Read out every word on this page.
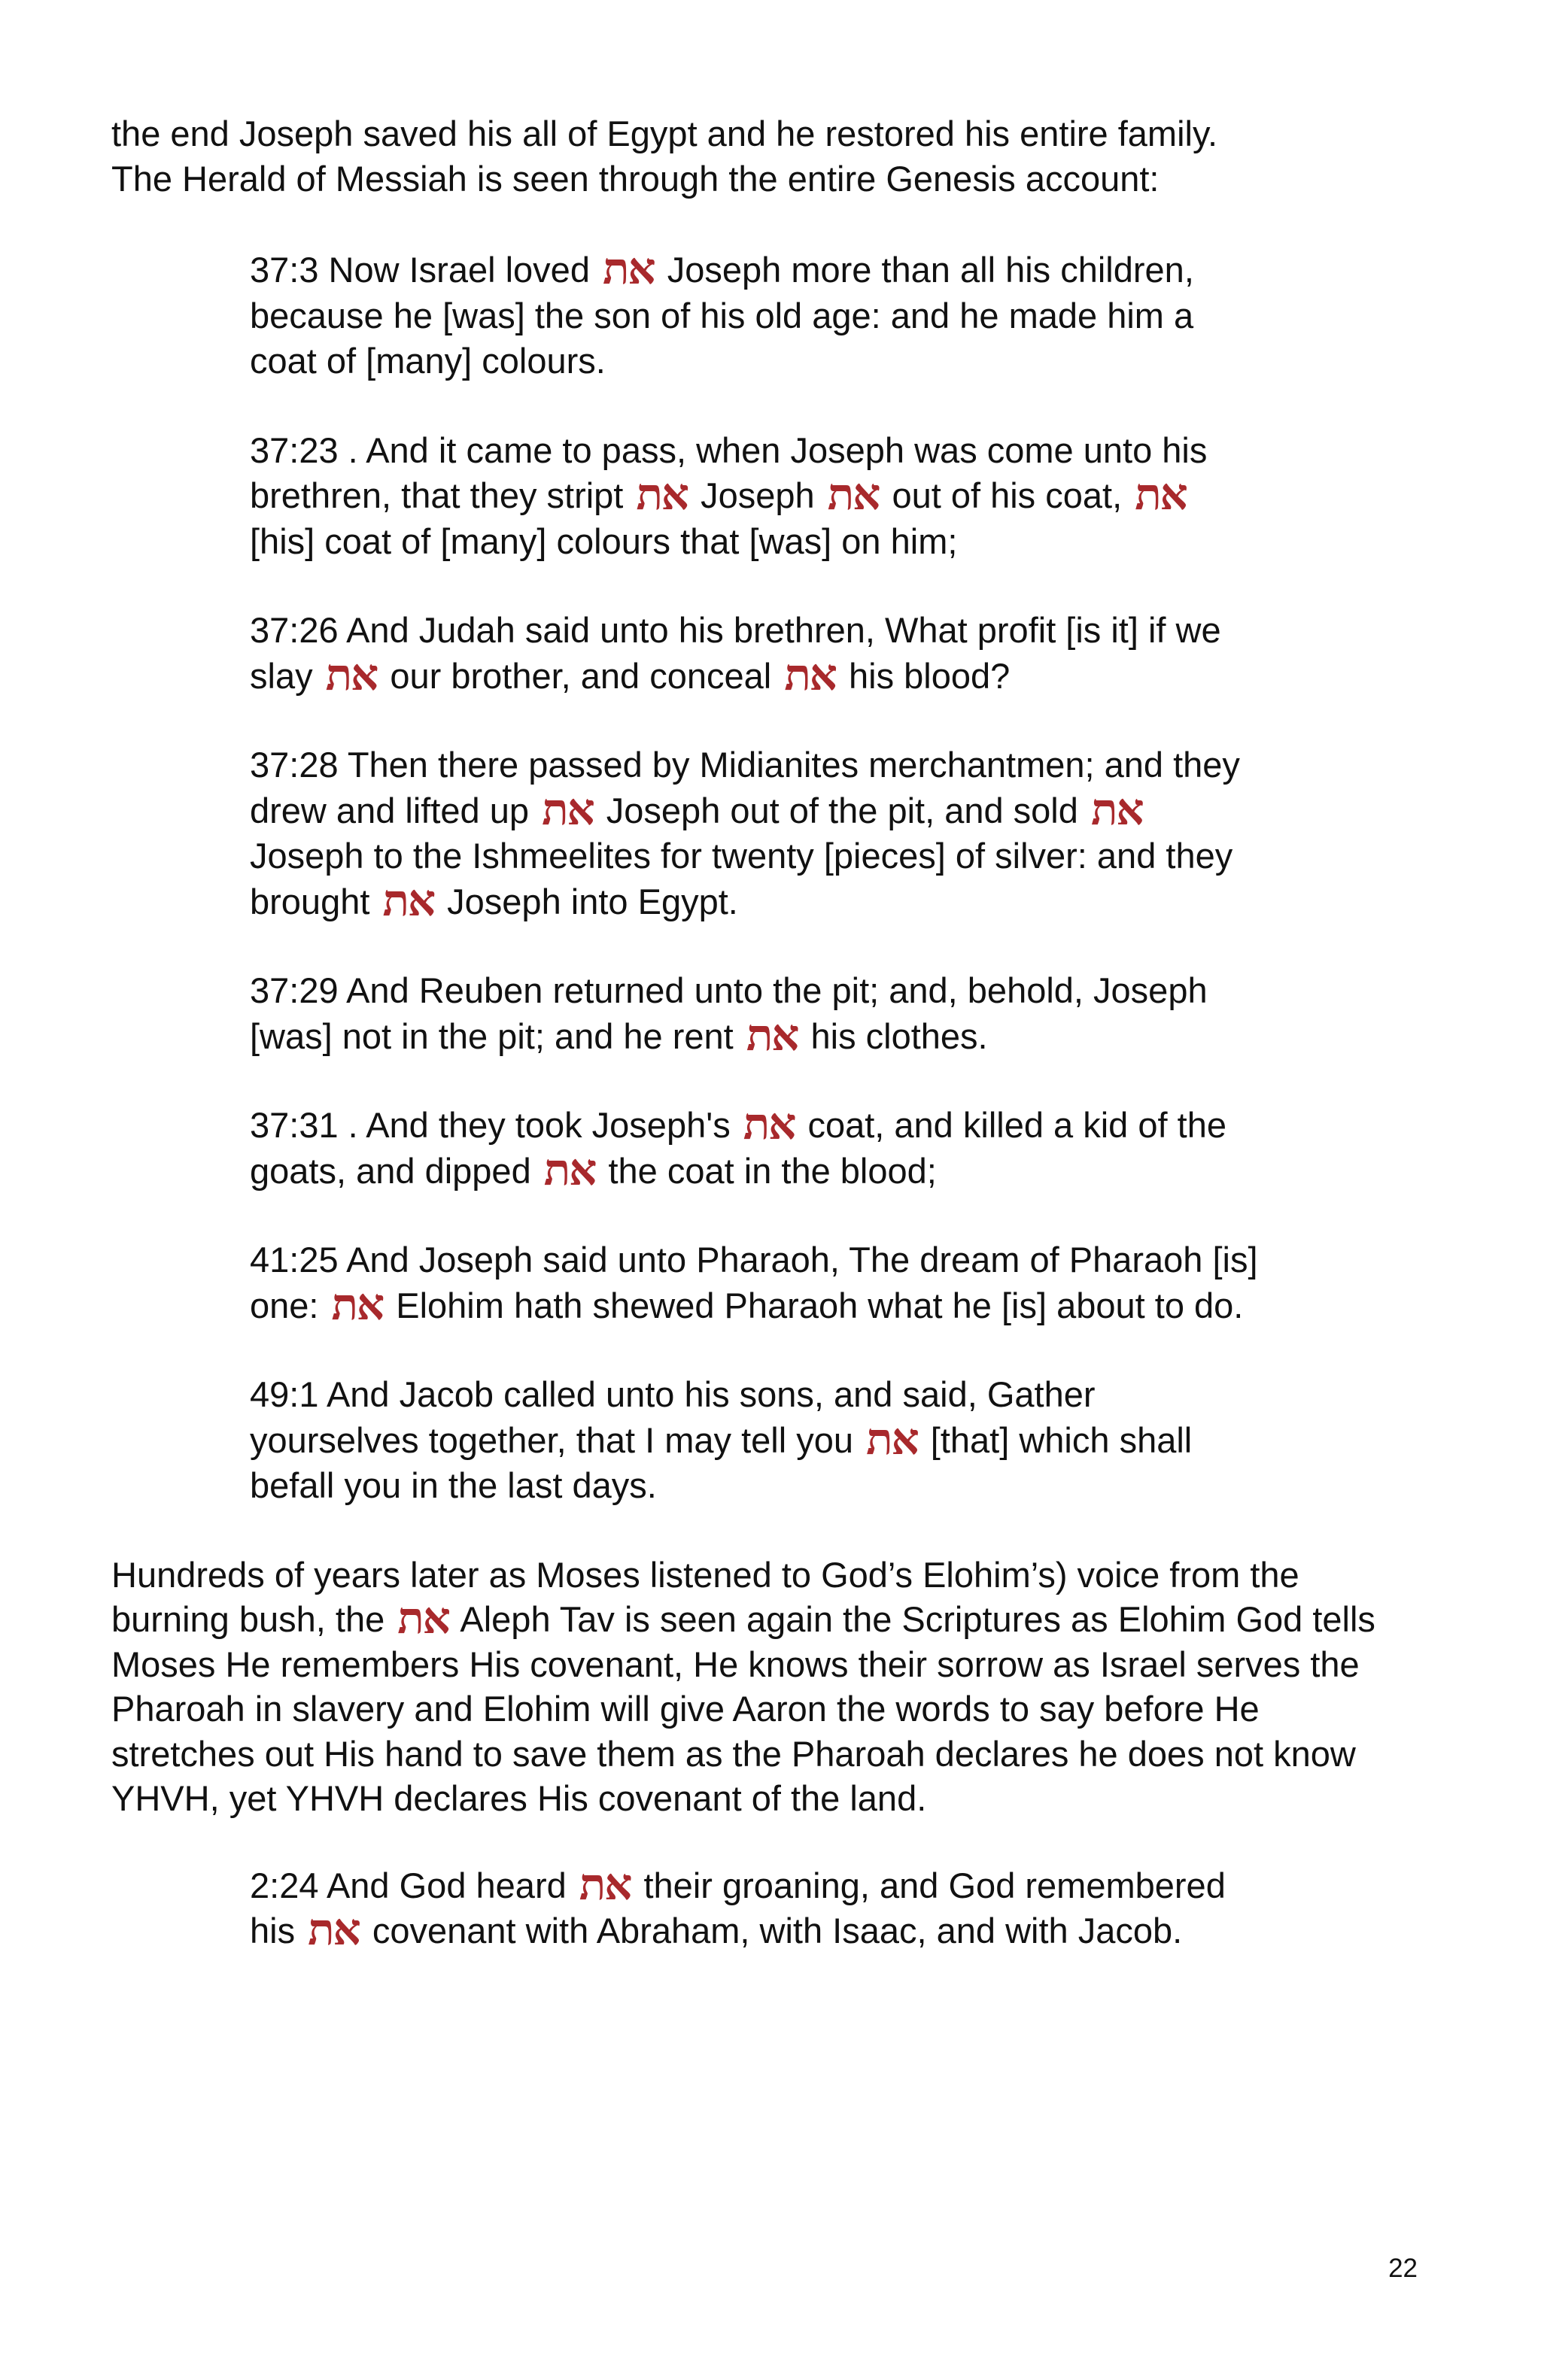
the end Joseph saved his all of Egypt and he restored his entire family. The Herald of Messiah is seen through the entire Genesis account:

37:3 Now Israel loved את Joseph more than all his children, because he [was] the son of his old age: and he made him a coat of [many] colours.

37:23 . And it came to pass, when Joseph was come unto his brethren, that they stript את Joseph את out of his coat, את [his] coat of [many] colours that [was] on him;

37:26 And Judah said unto his brethren, What profit [is it] if we slay את our brother, and conceal את his blood?

37:28 Then there passed by Midianites merchantmen; and they drew and lifted up את Joseph out of the pit, and sold את Joseph to the Ishmeelites for twenty [pieces] of silver: and they brought את Joseph into Egypt.

37:29 And Reuben returned unto the pit; and, behold, Joseph [was] not in the pit; and he rent את his clothes.

37:31 . And they took Joseph's את coat, and killed a kid of the goats, and dipped את the coat in the blood;

41:25 And Joseph said unto Pharaoh, The dream of Pharaoh [is] one: את Elohim hath shewed Pharaoh what he [is] about to do.

49:1 And Jacob called unto his sons, and said, Gather yourselves together, that I may tell you את [that] which shall befall you in the last days.

Hundreds of years later as Moses listened to God’s Elohim’s) voice from the burning bush, the את Aleph Tav is seen again the Scriptures as Elohim God tells Moses He remembers His covenant, He knows their sorrow as Israel serves the Pharoah in slavery and Elohim will give Aaron the words to say before He stretches out His hand to save them as the Pharoah declares he does not know YHVH, yet YHVH declares His covenant of the land.

2:24 And God heard את their groaning, and God remembered his את covenant with Abraham, with Isaac, and with Jacob.

22
